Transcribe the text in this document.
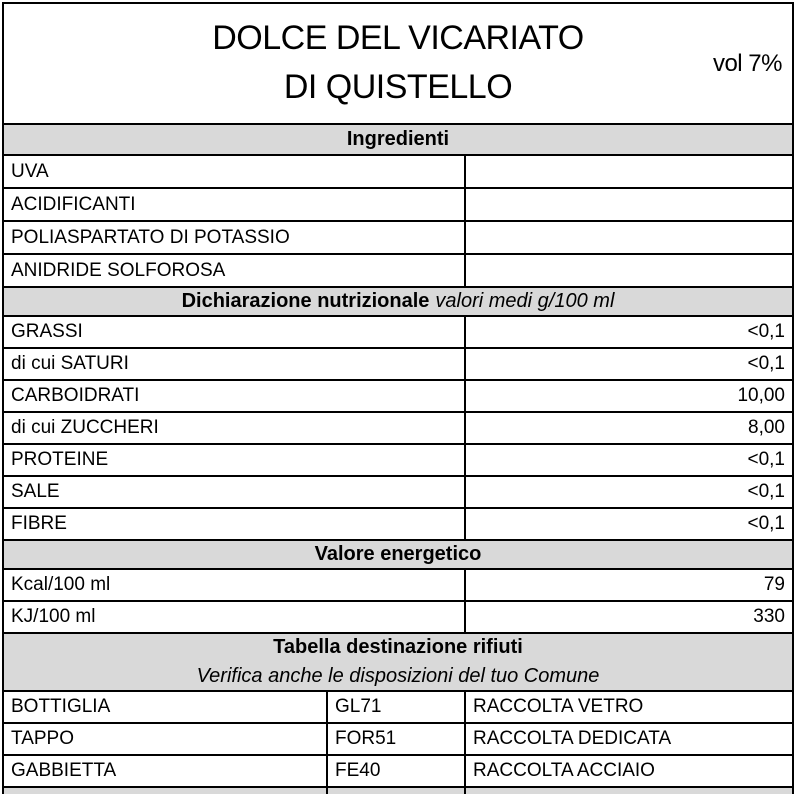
DOLCE DEL VICARIATO
DI QUISTELLO
vol 7%
Ingredienti
UVA
ACIDIFICANTI
POLIASPARTATO DI POTASSIO
ANIDRIDE SOLFOROSA
Dichiarazione nutrizionale valori medi g/100 ml
GRASSI	<0,1
di cui SATURI	<0,1
CARBOIDRATI	10,00
di cui ZUCCHERI	8,00
PROTEINE	<0,1
SALE	<0,1
FIBRE	<0,1
Valore energetico
Kcal/100 ml	79
KJ/100 ml	330
Tabella destinazione rifiuti
Verifica anche le disposizioni del tuo Comune
BOTTIGLIA	GL71	RACCOLTA VETRO
TAPPO	FOR51	RACCOLTA DEDICATA
GABBIETTA	FE40	RACCOLTA ACCIAIO
